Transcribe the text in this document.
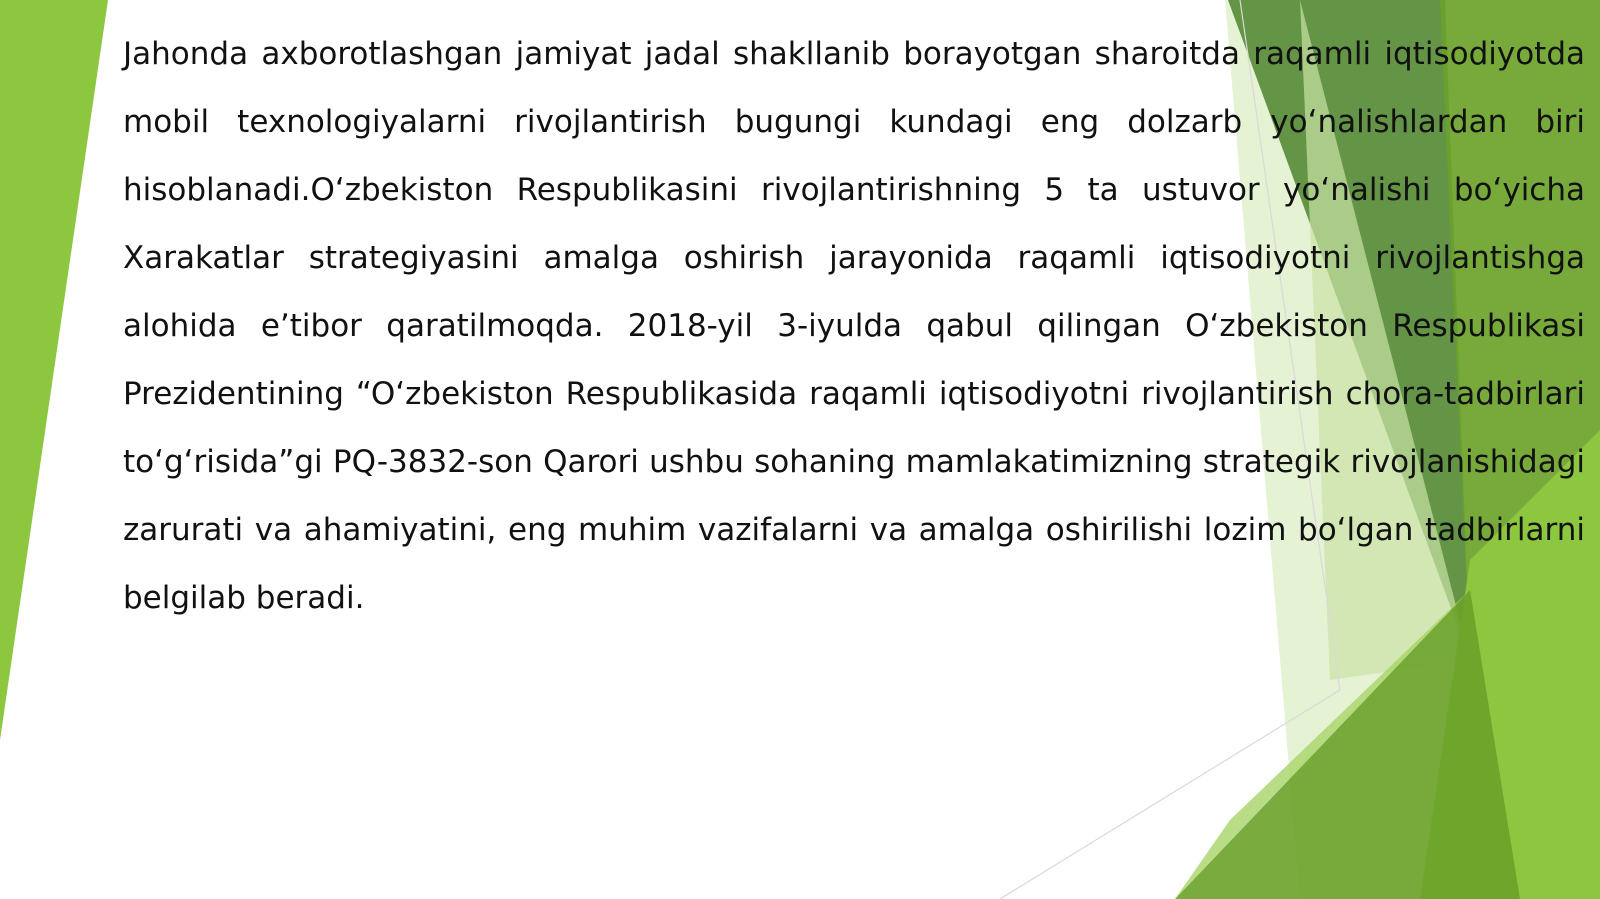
Jahonda axborotlashgan jamiyat jadal shakllanib borayotgan sharoitda raqamli iqtisodiyotda mobil texnologiyalarni rivojlantirish bugungi kundagi eng dolzarb yo‘nalishlardan biri hisoblanadi.O‘zbekiston Respublikasini rivojlantirishning 5 ta ustuvor yo‘nalishi bo‘yicha Xarakatlar strategiyasini amalga oshirish jarayonida raqamli iqtisodiyotni rivojlantishga alohida e’tibor qaratilmoqda. 2018-yil 3-iyulda qabul qilingan O‘zbekiston Respublikasi Prezidentining “O‘zbekiston Respublikasida raqamli iqtisodiyotni rivojlantirish chora-tadbirlari to‘g‘risida”gi PQ-3832-son Qarori ushbu sohaning mamlakatimizning strategik rivojlanishidagi zarurati va ahamiyatini, eng muhim vazifalarni va amalga oshirilishi lozim bo‘lgan tadbirlarni belgilab beradi.
